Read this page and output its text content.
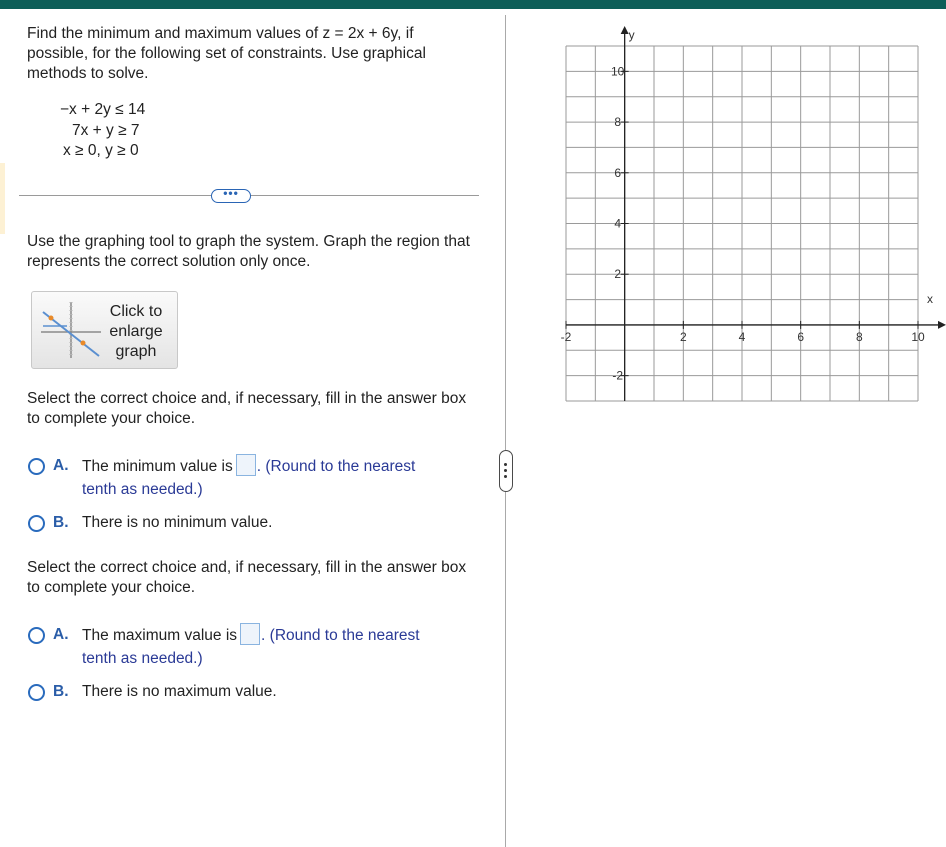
Find the minimum and maximum values of z = 2x + 6y, if possible, for the following set of constraints. Use graphical methods to solve.
−x + 2y ≤ 14
7x + y ≥ 7
x ≥ 0, y ≥ 0
•••
Use the graphing tool to graph the system. Graph the region that represents the correct solution only once.
Click to enlarge graph
Select the correct choice and, if necessary, fill in the answer box to complete your choice.
A. The minimum value is . (Round to the nearest
tenth as needed.)
B. There is no minimum value.
Select the correct choice and, if necessary, fill in the answer box to complete your choice.
A. The maximum value is . (Round to the nearest
tenth as needed.)
B. There is no maximum value.
-2	2	4	6	8	10
10
8
6
4
2
-2
x
y
